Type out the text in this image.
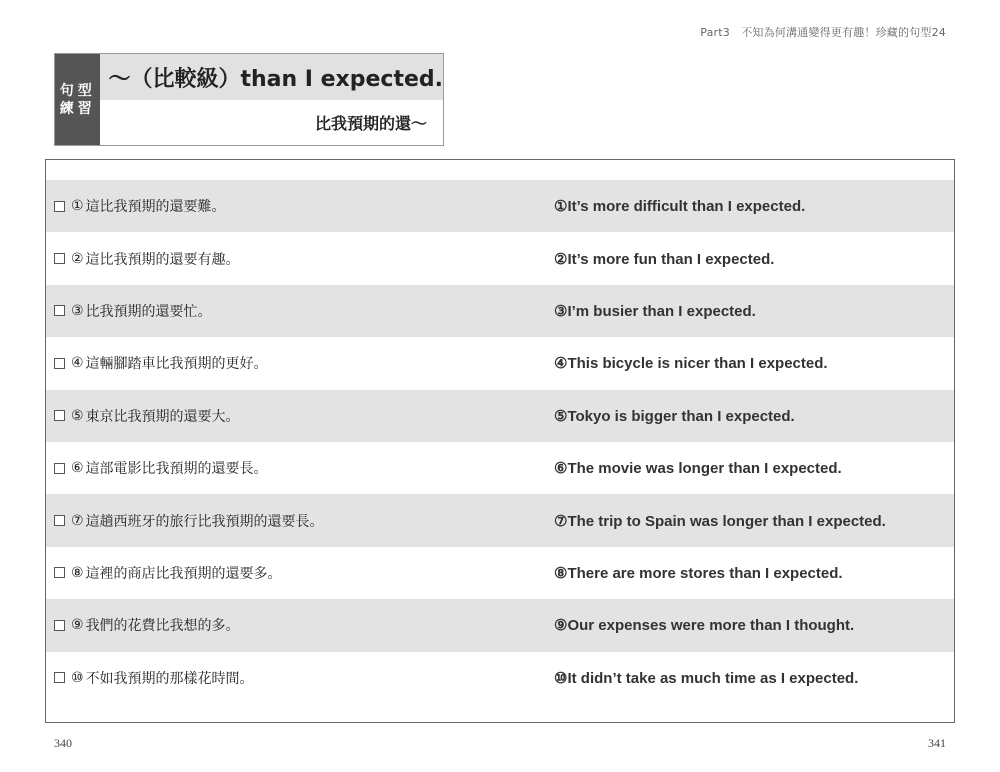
Part3　不知為何溝通變得更有趣！珍藏的句型24
句型
練習
～（比較級）than I expected.
比我預期的還～
① 這比我預期的還要難。	①It’s more difficult than I expected.
② 這比我預期的還要有趣。	②It’s more fun than I expected.
③ 比我預期的還要忙。	③I’m busier than I expected.
④ 這輛腳踏車比我預期的更好。	④This bicycle is nicer than I expected.
⑤ 東京比我預期的還要大。	⑤Tokyo is bigger than I expected.
⑥ 這部電影比我預期的還要長。	⑥The movie was longer than I expected.
⑦ 這趟西班牙的旅行比我預期的還要長。	⑦The trip to Spain was longer than I expected.
⑧ 這裡的商店比我預期的還要多。	⑧There are more stores than I expected.
⑨ 我們的花費比我想的多。	⑨Our expenses were more than I thought.
⑩ 不如我預期的那樣花時間。	⑩It didn’t take as much time as I expected.
340	341
